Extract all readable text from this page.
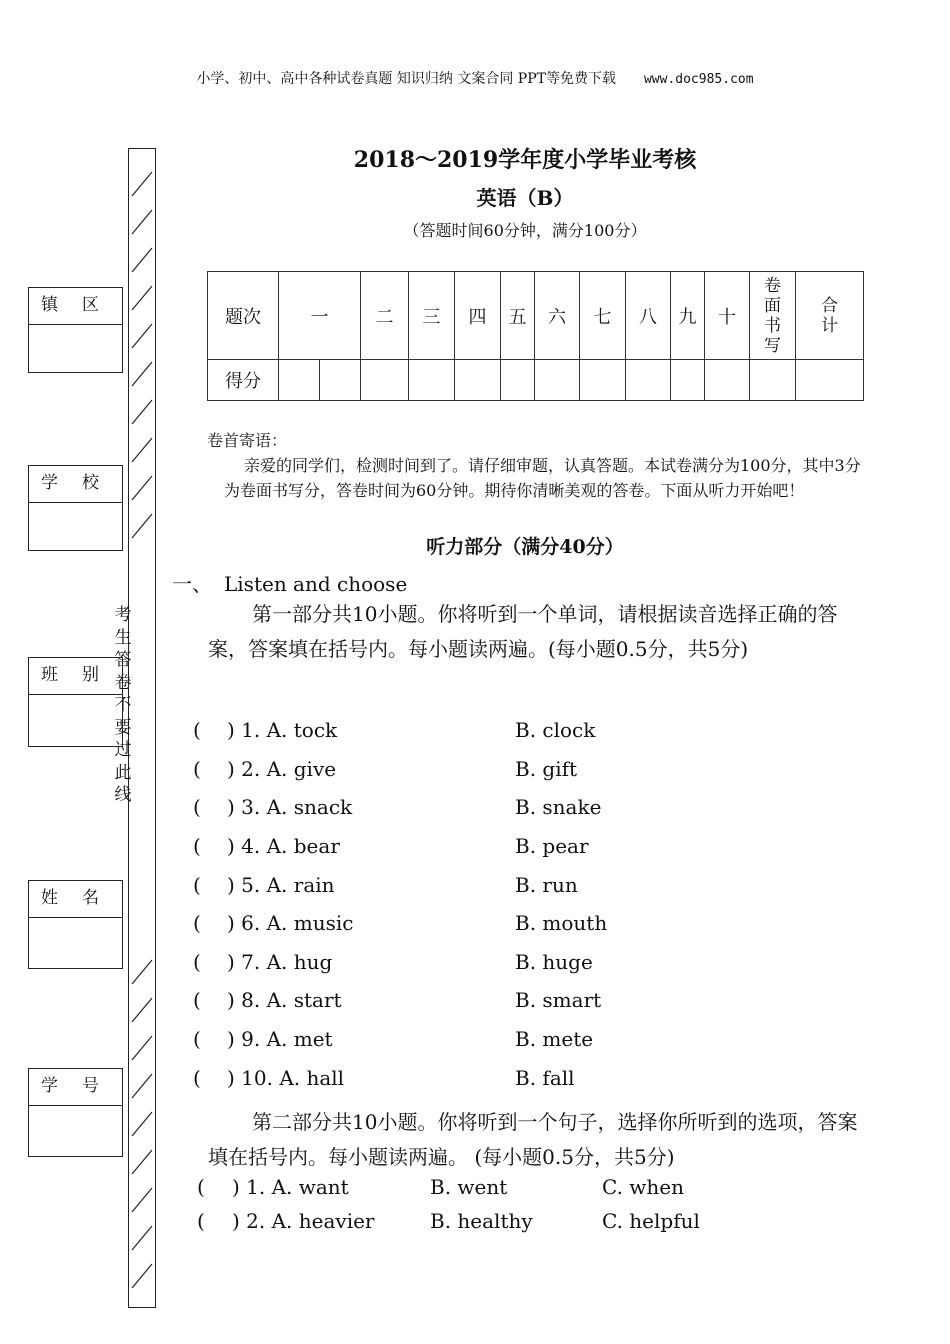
小学、初中、高中各种试卷真题 知识归纳 文案合同 PPT等免费下载 www.doc985.com
考生答卷不要过此线
镇 区
学 校
班 别
姓 名
学 号
2018～2019学年度小学毕业考核
英语（B）
（答题时间60分钟，满分100分）
题次	一		二	三	四	五	六	七	八	九	十	卷面书写	合计

得分													
卷首寄语：
亲爱的同学们，检测时间到了。请仔细审题，认真答题。本试卷满分为100分，其中3分为卷面书写分，答卷时间为60分钟。期待你清晰美观的答卷。下面从听力开始吧！
听力部分（满分40分）
一、 Listen and choose
第一部分共10小题。你将听到一个单词，请根据读音选择正确的答案，答案填在括号内。每小题读两遍。(每小题0.5分，共5分)
( ) 1. A. tock	B. clock
( ) 2. A. give	B. gift
( ) 3. A. snack	B. snake
( ) 4. A. bear	B. pear
( ) 5. A. rain	B. run
( ) 6. A. music	B. mouth
( ) 7. A. hug	B. huge
( ) 8. A. start	B. smart
( ) 9. A. met	B. mete
( ) 10. A. hall	B. fall
第二部分共10小题。你将听到一个句子，选择你所听到的选项，答案填在括号内。每小题读两遍。 (每小题0.5分，共5分)
( ) 1. A. want	B. went	C. when
( ) 2. A. heavier	B. healthy	C. helpful
